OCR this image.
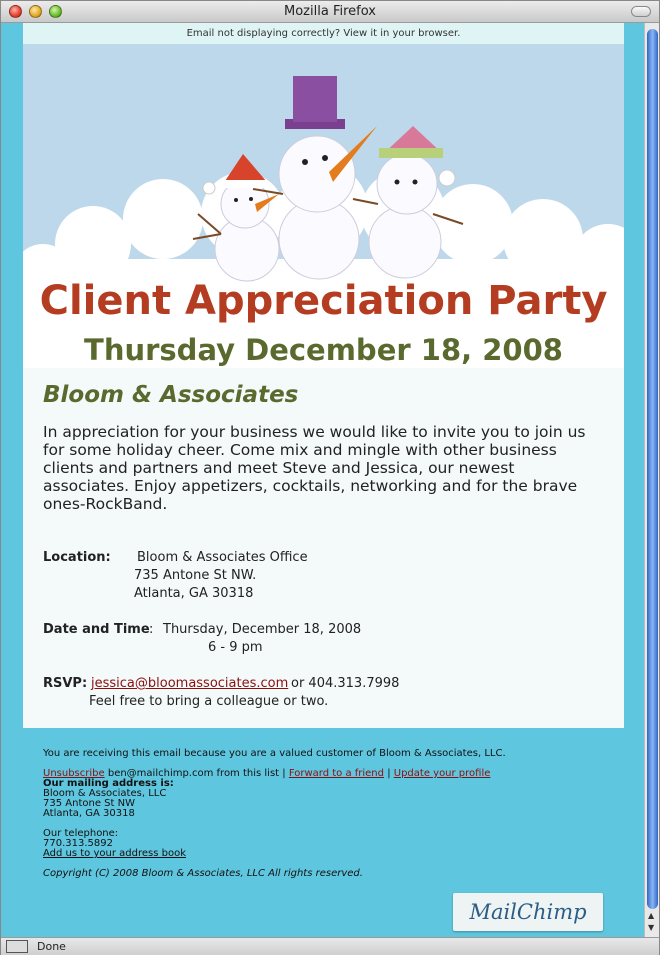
Mozilla Firefox
Email not displaying correctly? View it in your browser.
Client Appreciation Party
Thursday December 18, 2008
Bloom & Associates
In appreciation for your business we would like to invite you to join us for some holiday cheer. Come mix and mingle with other business clients and partners and meet Steve and Jessica, our newest associates. Enjoy appetizers, cocktails, networking and for the brave ones-RockBand.
Location: Bloom & Associates Office
735 Antone St NW.
Atlanta, GA 30318
Date and Time : Thursday, December 18, 2008
6 - 9 pm
RSVP: jessica@bloomassociates.com or 404.313.7998
Feel free to bring a colleague or two.
You are receiving this email because you are a valued customer of Bloom & Associates, LLC.
Unsubscribe ben@mailchimp.com from this list | Forward to a friend | Update your profile
Our mailing address is:
Bloom & Associates, LLC
735 Antone St NW
Atlanta, GA 30318
Our telephone:
770.313.5892
Add us to your address book
Copyright (C) 2008 Bloom & Associates, LLC All rights reserved.
MailChimp	▲
▼
Done
